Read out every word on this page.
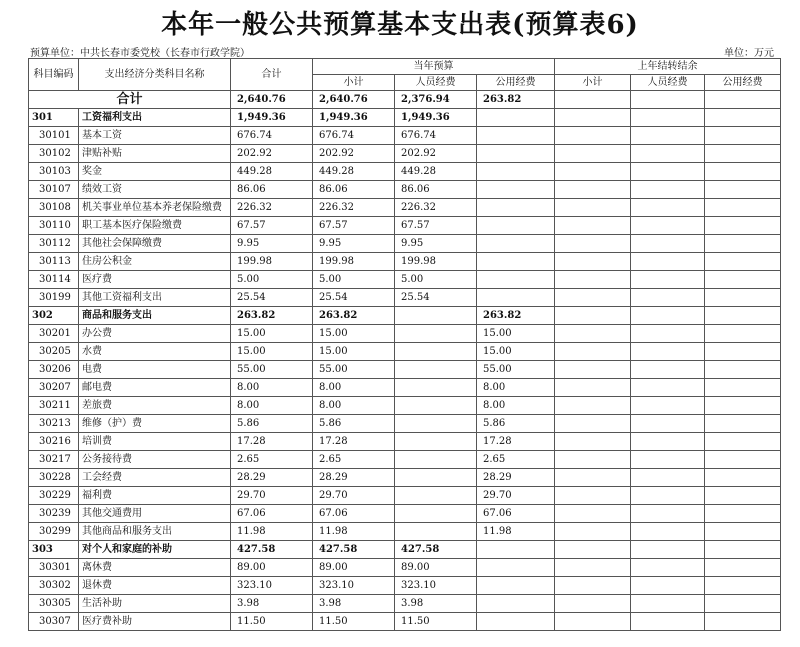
本年一般公共预算基本支出表(预算表6)
预算单位：中共长春市委党校（长春市行政学院）	单位：万元
科目编码	支出经济分类科目名称	合计	当年预算			上年结转结余		
			小计	人员经费	公用经费	小计	人员经费	公用经费
合计		2,640.76	2,640.76	2,376.94	263.82			
301	工资福利支出	1,949.36	1,949.36	1,949.36				
30101	基本工资	676.74	676.74	676.74				
30102	津贴补贴	202.92	202.92	202.92				
30103	奖金	449.28	449.28	449.28				
30107	绩效工资	86.06	86.06	86.06				
30108	机关事业单位基本养老保险缴费	226.32	226.32	226.32				
30110	职工基本医疗保险缴费	67.57	67.57	67.57				
30112	其他社会保障缴费	9.95	9.95	9.95				
30113	住房公积金	199.98	199.98	199.98				
30114	医疗费	5.00	5.00	5.00				
30199	其他工资福利支出	25.54	25.54	25.54				
302	商品和服务支出	263.82	263.82		263.82			
30201	办公费	15.00	15.00		15.00			
30205	水费	15.00	15.00		15.00			
30206	电费	55.00	55.00		55.00			
30207	邮电费	8.00	8.00		8.00			
30211	差旅费	8.00	8.00		8.00			
30213	维修（护）费	5.86	5.86		5.86			
30216	培训费	17.28	17.28		17.28			
30217	公务接待费	2.65	2.65		2.65			
30228	工会经费	28.29	28.29		28.29			
30229	福利费	29.70	29.70		29.70			
30239	其他交通费用	67.06	67.06		67.06			
30299	其他商品和服务支出	11.98	11.98		11.98			
303	对个人和家庭的补助	427.58	427.58	427.58				
30301	离休费	89.00	89.00	89.00				
30302	退休费	323.10	323.10	323.10				
30305	生活补助	3.98	3.98	3.98				
30307	医疗费补助	11.50	11.50	11.50				
